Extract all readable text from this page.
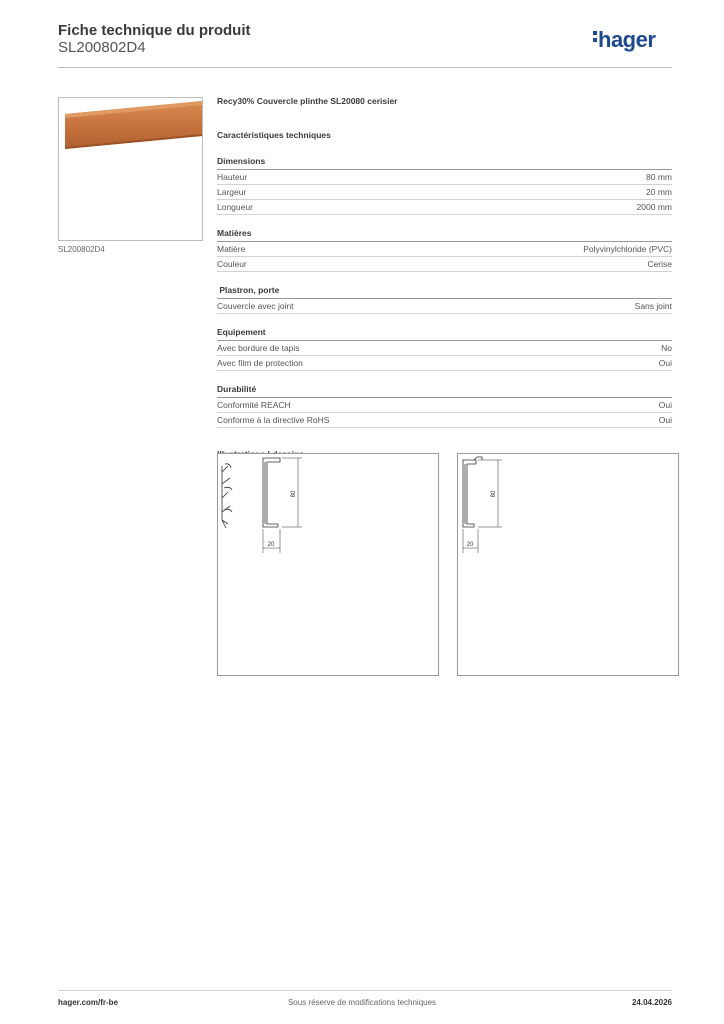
Fiche technique du produit
SL200802D4	hager
SL200802D4
Recy30% Couvercle plinthe SL20080 cerisier
Caractéristiques techniques
Dimensions
Hauteur	80 mm
Largeur	20 mm
Longueur	2000 mm
Matières
Matière	Polyvinylchloride (PVC)
Couleur	Cerise
Plastron, porte
Couvercle avec joint	Sans joint
Equipement
Avec bordure de tapis	No
Avec film de protection	Oui
Durabilité
Conformité REACH	Oui
Conforme à la directive RoHS	Oui
80
20
80
20
Sous réserve de modifications techniques
hager.com/fr-be	24.04.2026
